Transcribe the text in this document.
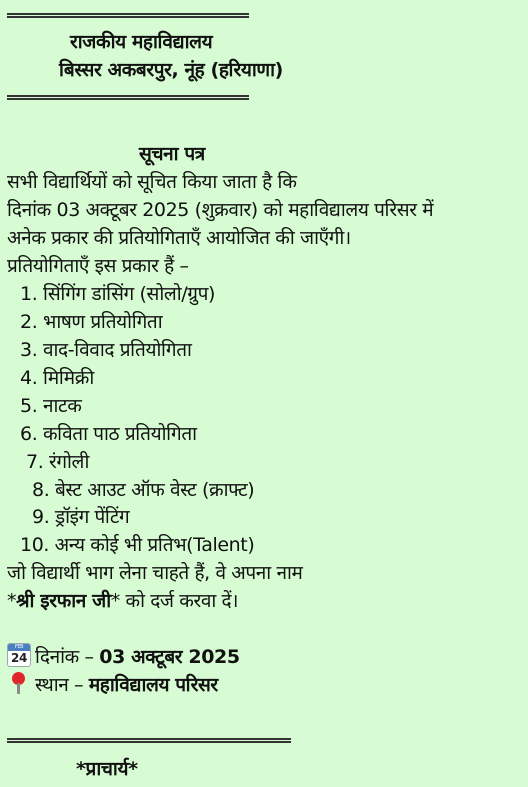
राजकीय महाविद्यालय
बिस्सर अकबरपुर, नूंह (हरियाणा)
सूचना पत्र
सभी विद्यार्थियों को सूचित किया जाता है कि
दिनांक 03 अक्टूबर 2025 (शुक्रवार) को महाविद्यालय परिसर में
अनेक प्रकार की प्रतियोगिताएँ आयोजित की जाएँगी।
प्रतियोगिताएँ इस प्रकार हैं –
1. सिंगिंग डांसिंग (सोलो/ग्रुप)
2. भाषण प्रतियोगिता
3. वाद-विवाद प्रतियोगिता
4. मिमिक्री
5. नाटक
6. कविता पाठ प्रतियोगिता
7. रंगोली
8. बेस्ट आउट ऑफ वेस्ट (क्राफ्ट)
9. ड्रॉइंग पेंटिंग
10. अन्य कोई भी प्रतिभ(Talent)
जो विद्यार्थी भाग लेना चाहते हैं, वे अपना नाम
*श्री इरफान जी* को दर्ज करवा दें।
FEB
24 दिनांक – 03 अक्टूबर 2025
स्थान – महाविद्यालय परिसर
*प्राचार्य*
